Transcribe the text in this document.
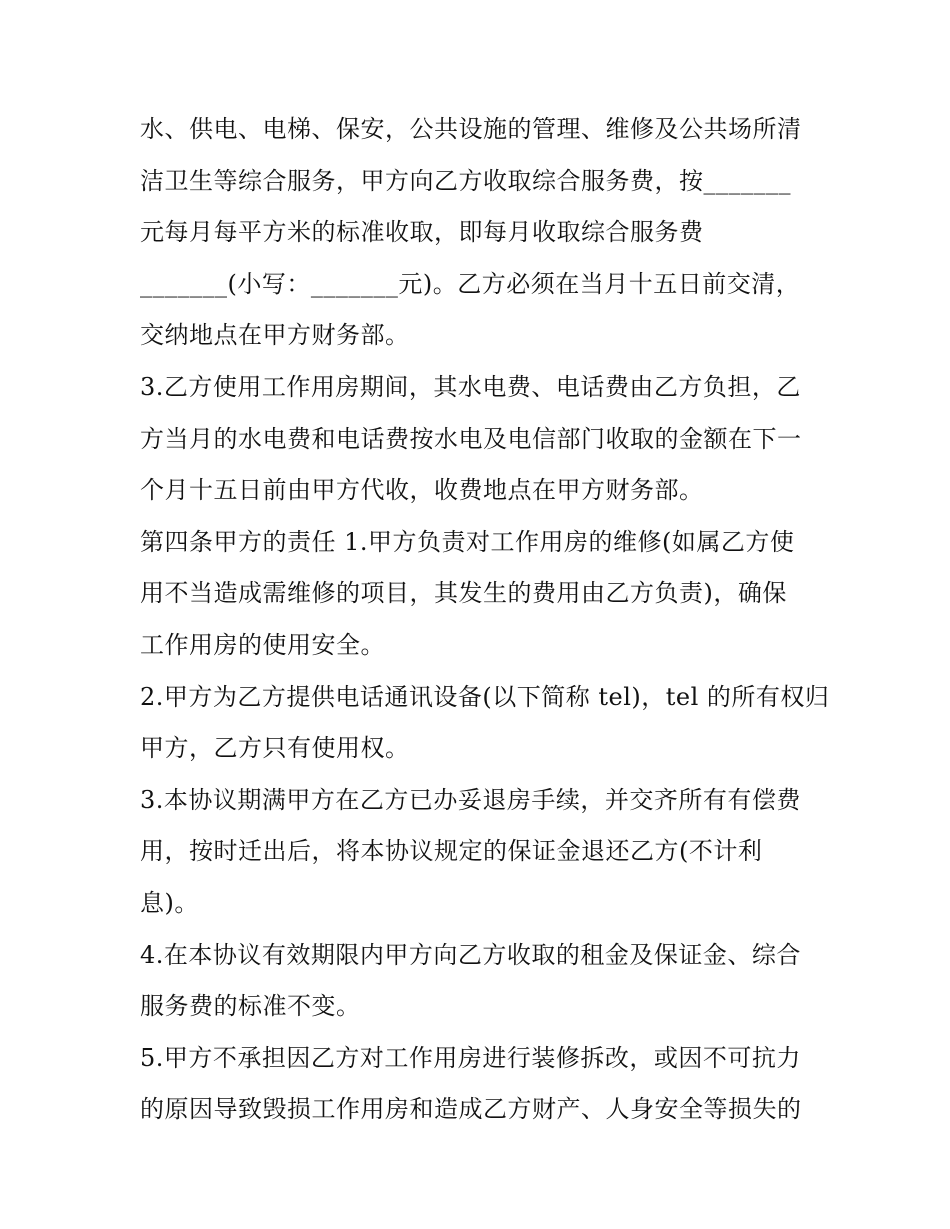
水、供电、电梯、保安，公共设施的管理、维修及公共场所清
洁卫生等综合服务，甲方向乙方收取综合服务费，按_______
元每月每平方米的标准收取，即每月收取综合服务费
_______(小写：_______元)。乙方必须在当月十五日前交清，
交纳地点在甲方财务部。
3.乙方使用工作用房期间，其水电费、电话费由乙方负担，乙
方当月的水电费和电话费按水电及电信部门收取的金额在下一
个月十五日前由甲方代收，收费地点在甲方财务部。
第四条甲方的责任 1.甲方负责对工作用房的维修(如属乙方使
用不当造成需维修的项目，其发生的费用由乙方负责)，确保
工作用房的使用安全。
2.甲方为乙方提供电话通讯设备(以下简称 tel)，tel 的所有权归
甲方，乙方只有使用权。
3.本协议期满甲方在乙方已办妥退房手续，并交齐所有有偿费
用，按时迁出后，将本协议规定的保证金退还乙方(不计利
息)。
4.在本协议有效期限内甲方向乙方收取的租金及保证金、综合
服务费的标准不变。
5.甲方不承担因乙方对工作用房进行装修拆改，或因不可抗力
的原因导致毁损工作用房和造成乙方财产、人身安全等损失的
